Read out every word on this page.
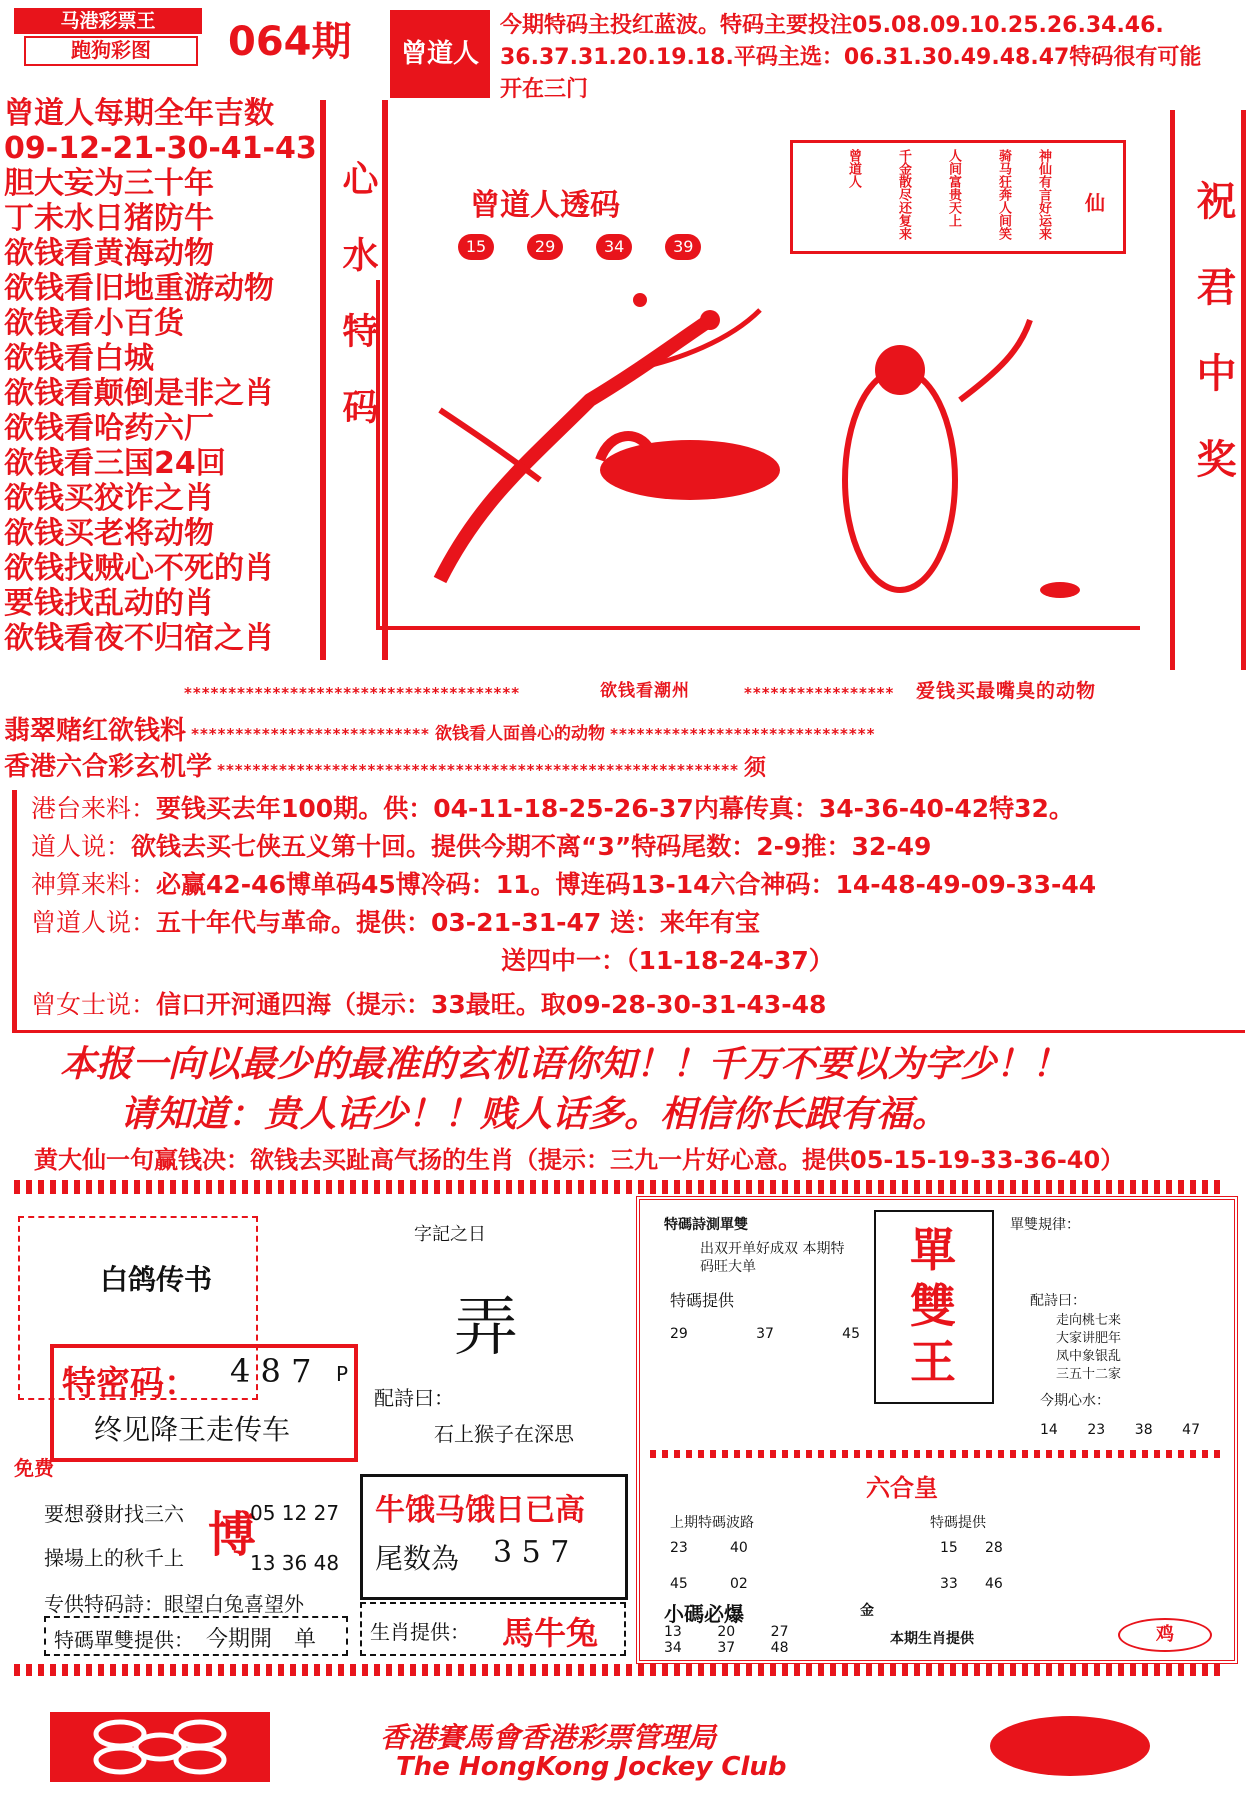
马港彩票王
跑狗彩图	064期	曾道人
今期特码主投红蓝波。特码主要投注05.08.09.10.25.26.34.46.
36.37.31.20.19.18.平码主选：06.31.30.49.48.47特码很有可能
开在三门
曾道人每期全年吉数
09-12-21-30-41-43
胆大妄为三十年
丁未水日猪防牛
欲钱看黄海动物
欲钱看旧地重游动物
欲钱看小百货
欲钱看白城
欲钱看颠倒是非之肖
欲钱看哈药六厂
欲钱看三国24回
欲钱买狡诈之肖
欲钱买老将动物
欲钱找贼心不死的肖
要钱找乱动的肖
欲钱看夜不归宿之肖
心水特码	曾道人透码
15	29	34	39
仙
神仙有言好运来
骑马狂奔人间笑
人间富贵天上
千金散尽还复来
曾道人
祝君中奖
**************************************	欲钱看潮州	***************** 爱钱买最嘴臭的动物
翡翠赌红欲钱料 *************************** 欲钱看人面兽心的动物 ******************************
香港六合彩玄机学 *********************************************************** 须
港台来料：要钱买去年100期。供：04-11-18-25-26-37内幕传真：34-36-40-42特32。
道人说：欲钱去买七侠五义第十回。提供今期不离“3”特码尾数：2-9推：32-49
神算来料：必赢42-46博单码45博冷码：11。博连码13-14六合神码：14-48-49-09-33-44
曾道人说：五十年代与革命。提供：03-21-31-47 送：来年有宝
送四中一：（11-18-24-37）
曾女士说：信口开河通四海（提示：33最旺。取09-28-30-31-43-48
本报一向以最少的最准的玄机语你知！！千万不要以为字少！！
请知道：贵人话少！！贱人话多。相信你长跟有福。
黄大仙一句赢钱决：欲钱去买趾高气扬的生肖（提示：三九一片好心意。提供05-15-19-33-36-40）
白鸽传书
字記之日
弄
特密码： 4 8 7 P
终见降王走传车
配詩曰：
石上猴子在深思
免费
要想發財找三六
操場上的秋千上 博
05 12 27
13 36 48
牛饿马饿日已高
尾数為 3 5 7
专供特码詩：眼望白兔喜望外
特碼單雙提供： 今期開　单	生肖提供： 馬牛兔
特碼詩測單雙
出双开单好成双 本期特码旺大单
特碼提供
29	37	45
單雙王
單雙規律：
配詩曰：
走向桃七来
大家讲肥年
凤中象银乱
三五十二家
今期心水：
14 23 38 47
六合皇
上期特碼波路
23	40
45	02
特碼提供
15	28
33	46
金
小碼必爆
13	20	27
34	37	48
本期生肖提供	鸡
香港賽馬會香港彩票管理局
The HongKong Jockey Club
